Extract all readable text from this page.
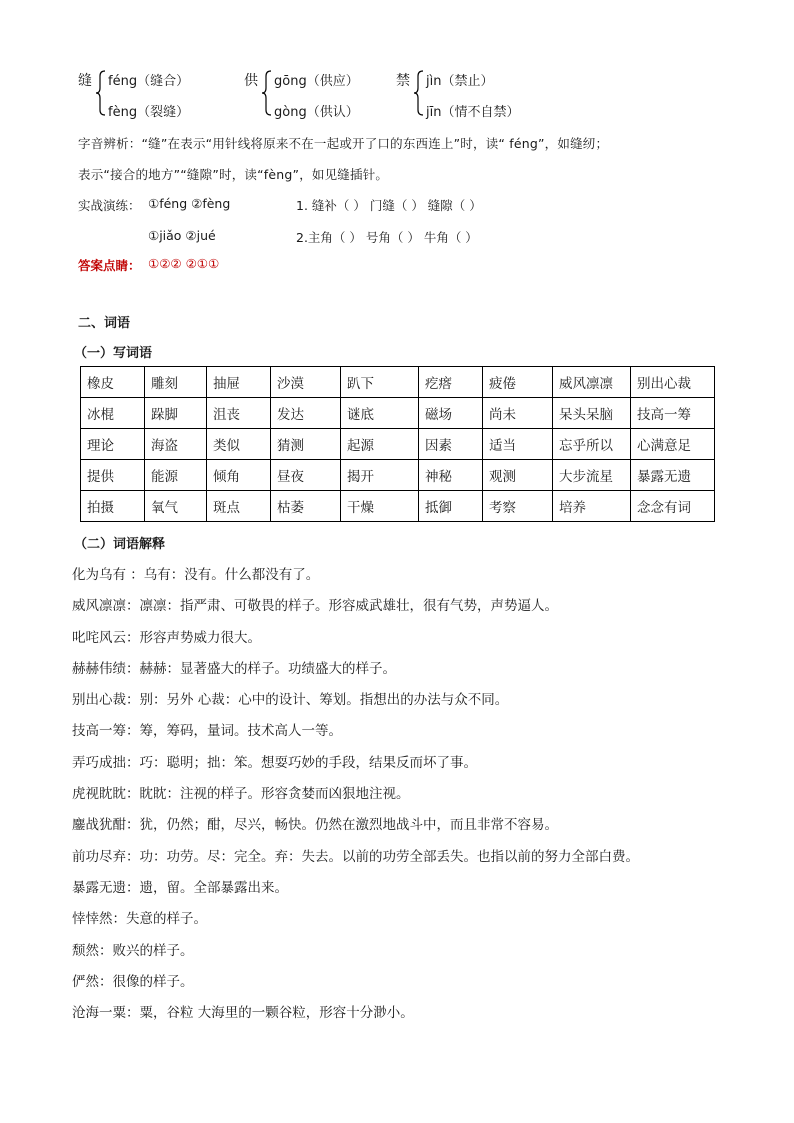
缝 féng（缝合）
fèng（裂缝）
供 gōng（供应）
gòng（供认）
禁 jìn（禁止）
jīn（情不自禁）
字音辨析：“缝”在表示“用针线将原来不在一起或开了口的东西连上”时，读“ féng”，如缝纫；
表示“接合的地方”“缝隙”时，读“fèng”，如见缝插针。
实战演练： ①féng ②fèng	1. 缝补（ ） 门缝（ ） 缝隙（ ）
①jiǎo ②jué	2.主角（ ） 号角（ ） 牛角（ ）
答案点睛： ①②② ②①①
二、词语
（一）写词语
橡皮	雕刻	抽屉	沙漠	趴下	疙瘩	疲倦	威风凛凛	别出心裁
冰棍	跺脚	沮丧	发达	谜底	磁场	尚未	呆头呆脑	技高一筹
理论	海盗	类似	猜测	起源	因素	适当	忘乎所以	心满意足
提供	能源	倾角	昼夜	揭开	神秘	观测	大步流星	暴露无遗
拍摄	氧气	斑点	枯萎	干燥	抵御	考察	培养	念念有词
（二）词语解释
化为乌有 ：乌有：没有。什么都没有了。
威风凛凛：凛凛：指严肃、可敬畏的样子。形容威武雄壮，很有气势，声势逼人。
叱咤风云：形容声势威力很大。
赫赫伟绩：赫赫：显著盛大的样子。功绩盛大的样子。
别出心裁：别：另外 心裁：心中的设计、筹划。指想出的办法与众不同。
技高一筹：筹，筹码，量词。技术高人一等。
弄巧成拙：巧：聪明；拙：笨。想耍巧妙的手段，结果反而坏了事。
虎视眈眈：眈眈：注视的样子。形容贪婪而凶狠地注视。
鏖战犹酣：犹，仍然；酣，尽兴，畅快。仍然在激烈地战斗中，而且非常不容易。
前功尽弃：功：功劳。尽：完全。弃：失去。以前的功劳全部丢失。也指以前的努力全部白费。
暴露无遗：遗，留。全部暴露出来。
悻悻然：失意的样子。
颓然：败兴的样子。
俨然：很像的样子。
沧海一粟：粟，谷粒 大海里的一颗谷粒，形容十分渺小。
